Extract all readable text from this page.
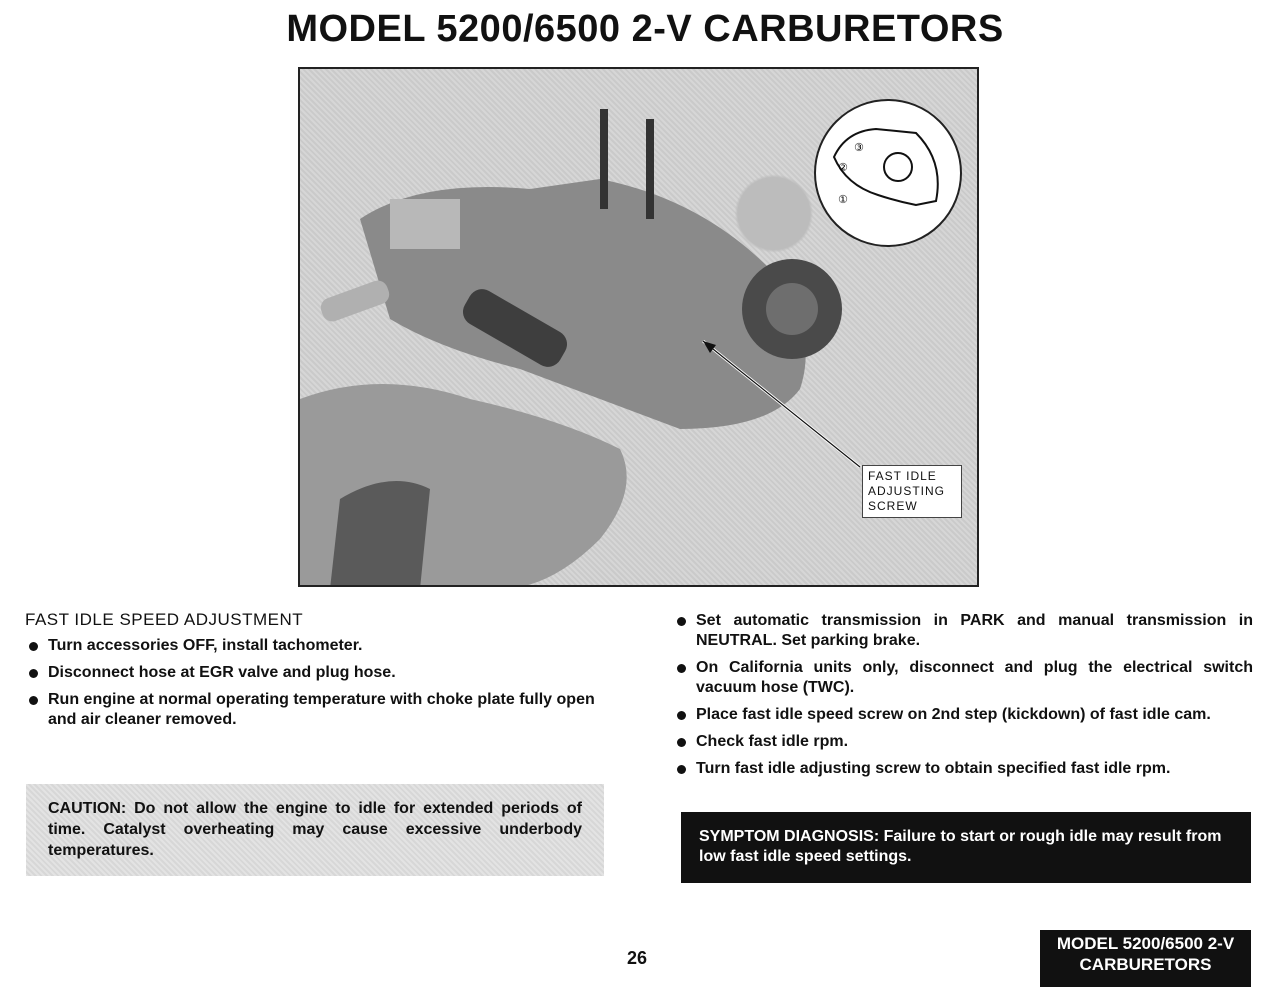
MODEL 5200/6500 2-V CARBURETORS
③
②
①
FAST IDLE
ADJUSTING
SCREW
FAST IDLE SPEED ADJUSTMENT
Turn accessories OFF, install tachometer.
Disconnect hose at EGR valve and plug hose.
Run engine at normal operating temperature with choke plate fully open and air cleaner removed.
CAUTION: Do not allow the engine to idle for extended periods of time. Catalyst overheating may cause excessive underbody temperatures.
Set automatic transmission in PARK and manual transmission in NEUTRAL. Set parking brake.
On California units only, disconnect and plug the electrical switch vacuum hose (TWC).
Place fast idle speed screw on 2nd step (kickdown) of fast idle cam.
Check fast idle rpm.
Turn fast idle adjusting screw to obtain specified fast idle rpm.
SYMPTOM DIAGNOSIS: Failure to start or rough idle may result from low fast idle speed settings.
26
MODEL 5200/6500 2-V
CARBURETORS
